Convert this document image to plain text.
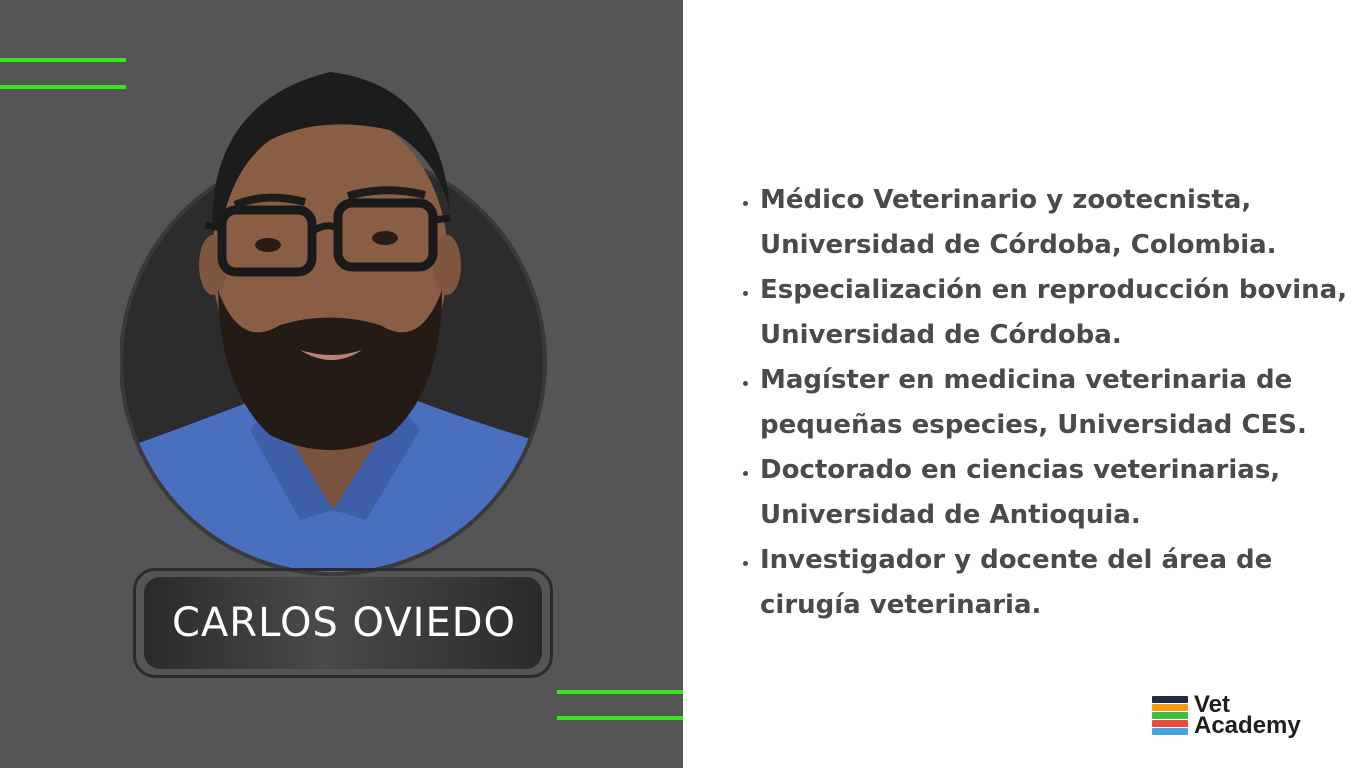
CARLOS OVIEDO
• Médico Veterinario y zootecnista, Universidad de Córdoba, Colombia.
• Especialización en reproducción bovina, Universidad de Córdoba.
• Magíster en medicina veterinaria de pequeñas especies, Universidad CES.
• Doctorado en ciencias veterinarias, Universidad de Antioquia.
• Investigador y docente del área de cirugía veterinaria.
Vet
Academy
